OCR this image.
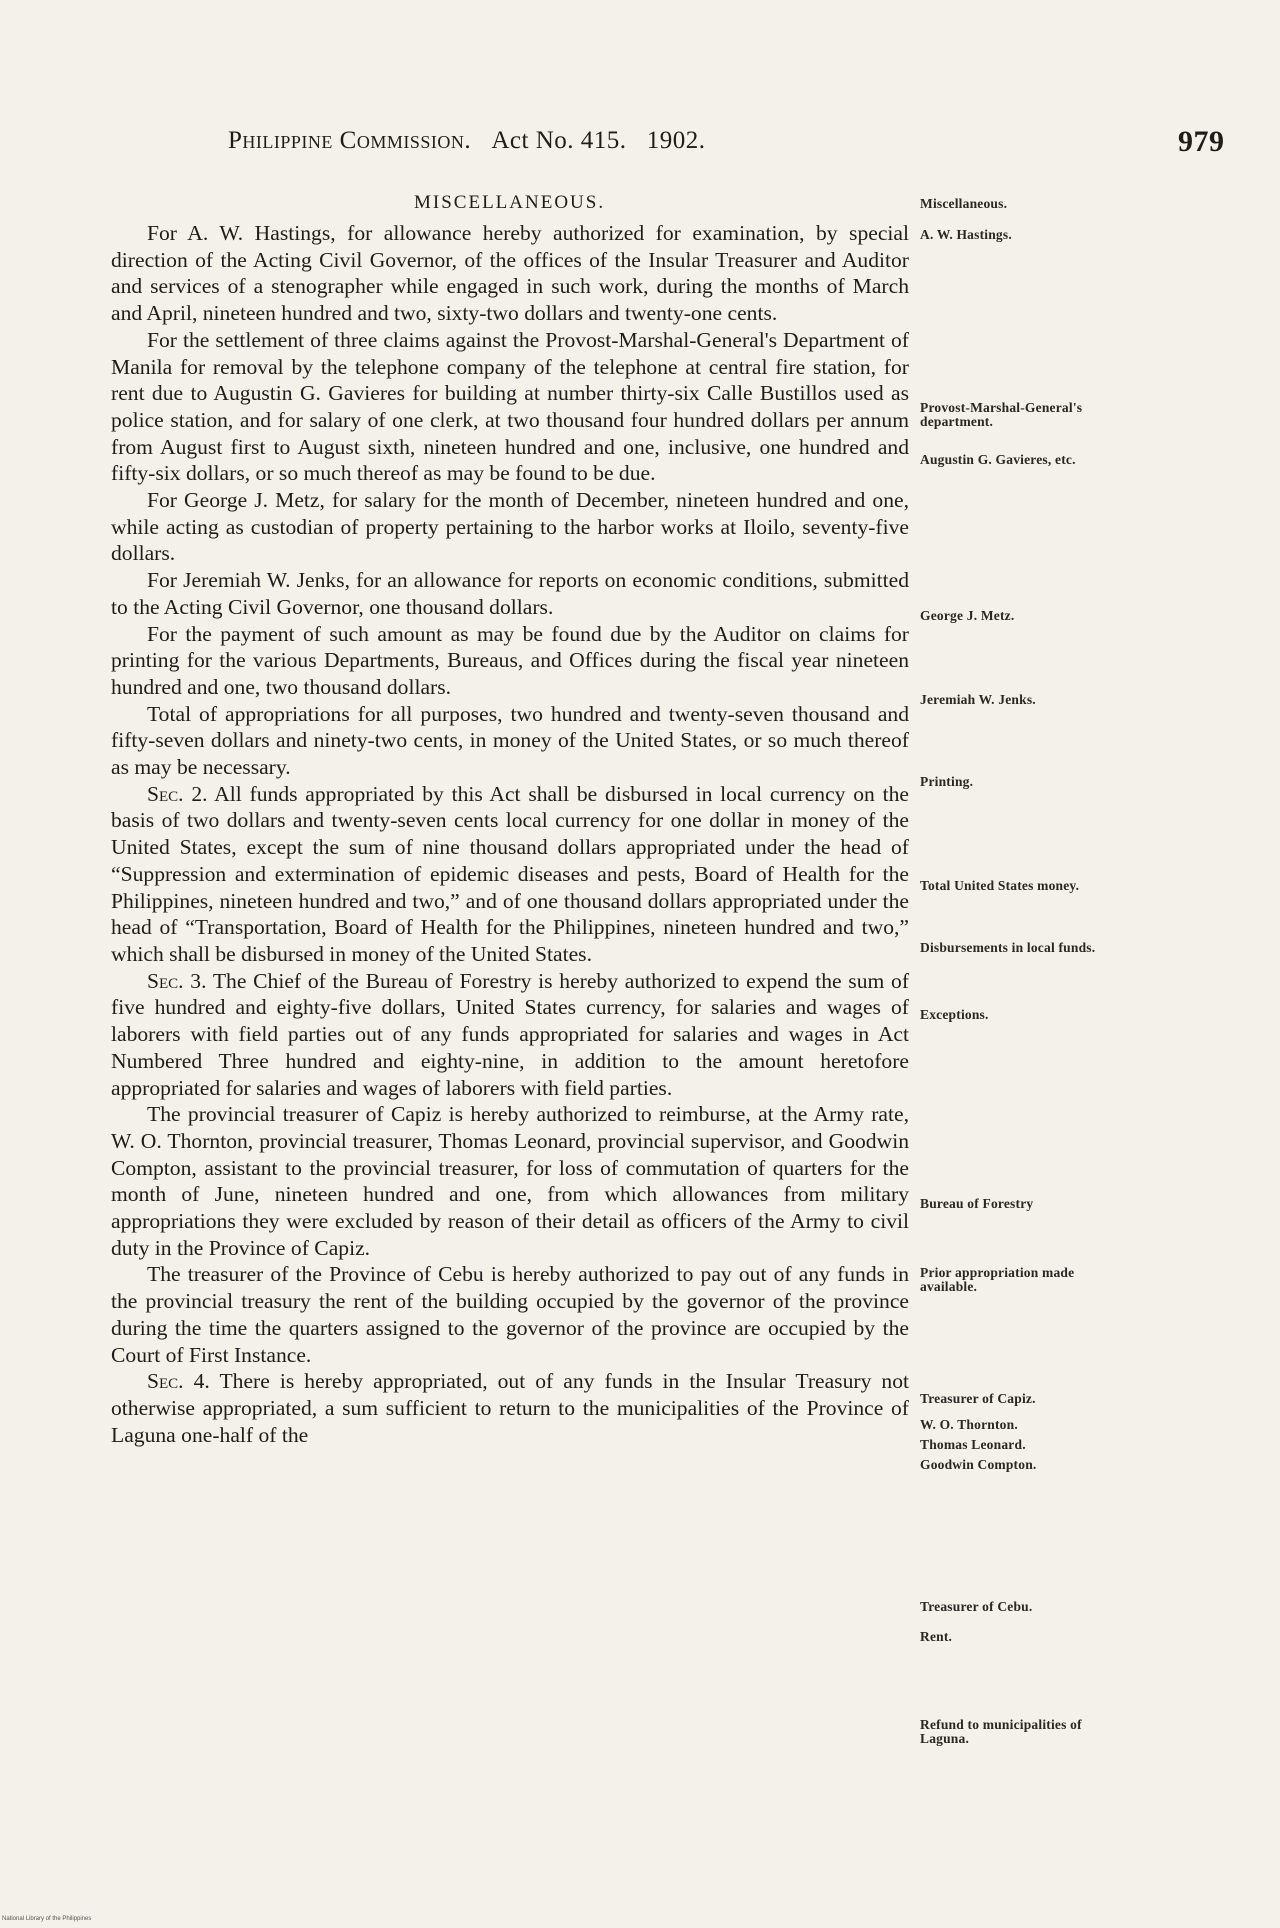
Philippine Commission. Act No. 415. 1902.	979
MISCELLANEOUS.

For A. W. Hastings, for allowance hereby authorized for examination, by special direction of the Acting Civil Governor, of the offices of the Insular Treasurer and Auditor and services of a stenographer while engaged in such work, during the months of March and April, nineteen hundred and two, sixty-two dollars and twenty-one cents.

For the settlement of three claims against the Provost-Marshal-General's Department of Manila for removal by the telephone company of the telephone at central fire station, for rent due to Augustin G. Gavieres for building at number thirty-six Calle Bustillos used as police station, and for salary of one clerk, at two thousand four hundred dollars per annum from August first to August sixth, nineteen hundred and one, inclusive, one hundred and fifty-six dollars, or so much thereof as may be found to be due.

For George J. Metz, for salary for the month of December, nineteen hundred and one, while acting as custodian of property pertaining to the harbor works at Iloilo, seventy-five dollars.

For Jeremiah W. Jenks, for an allowance for reports on economic conditions, submitted to the Acting Civil Governor, one thousand dollars.

For the payment of such amount as may be found due by the Auditor on claims for printing for the various Departments, Bureaus, and Offices during the fiscal year nineteen hundred and one, two thousand dollars.

Total of appropriations for all purposes, two hundred and twenty-seven thousand and fifty-seven dollars and ninety-two cents, in money of the United States, or so much thereof as may be necessary.

Sec. 2. All funds appropriated by this Act shall be disbursed in local currency on the basis of two dollars and twenty-seven cents local currency for one dollar in money of the United States, except the sum of nine thousand dollars appropriated under the head of “Suppression and extermination of epidemic diseases and pests, Board of Health for the Philippines, nineteen hundred and two,” and of one thousand dollars appropriated under the head of “Transportation, Board of Health for the Philippines, nineteen hundred and two,” which shall be disbursed in money of the United States.

Sec. 3. The Chief of the Bureau of Forestry is hereby authorized to expend the sum of five hundred and eighty-five dollars, United States currency, for salaries and wages of laborers with field parties out of any funds appropriated for salaries and wages in Act Numbered Three hundred and eighty-nine, in addition to the amount heretofore appropriated for salaries and wages of laborers with field parties.

The provincial treasurer of Capiz is hereby authorized to reimburse, at the Army rate, W. O. Thornton, provincial treasurer, Thomas Leonard, provincial supervisor, and Goodwin Compton, assistant to the provincial treasurer, for loss of commutation of quarters for the month of June, nineteen hundred and one, from which allowances from military appropriations they were excluded by reason of their detail as officers of the Army to civil duty in the Province of Capiz.

The treasurer of the Province of Cebu is hereby authorized to pay out of any funds in the provincial treasury the rent of the building occupied by the governor of the province during the time the quarters assigned to the governor of the province are occupied by the Court of First Instance.

Sec. 4. There is hereby appropriated, out of any funds in the Insular Treasury not otherwise appropriated, a sum sufficient to return to the municipalities of the Province of Laguna one-half of the

Miscellaneous.
A. W. Hastings.
Provost-Marshal-General's department.
Augustin G. Gavieres, etc.
George J. Metz.
Jeremiah W. Jenks.
Printing.
Total United States money.
Disbursements in local funds.
Exceptions.
Bureau of Forestry
Prior appropriation made available.
Treasurer of Capiz.
W. O. Thornton.
Thomas Leonard.
Goodwin Compton.
Treasurer of Cebu.
Rent.
Refund to municipalities of Laguna.
National Library of the Philippines
